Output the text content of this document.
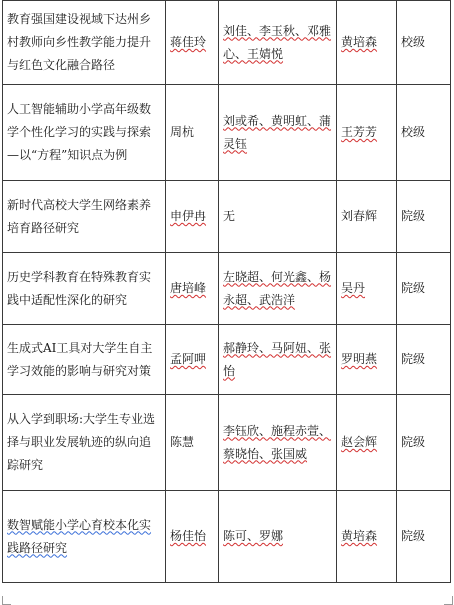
教育强国建设视域下达州乡村教师向乡性教学能力提升与红色文化融合路径	蒋佳玲	刘佳、李玉秋、邓雅心、王婧悦	黄培森	校级
人工智能辅助小学高年级数学个性化学习的实践与探索—以“方程”知识点为例	周杭	刘或希、黄明虹、蒲灵钰	王芳芳	校级
新时代高校大学生网络素养培育路径研究	申伊冉	无	刘春辉	院级
历史学科教育在特殊教育实践中适配性深化的研究	唐培峰	左晓超、何光鑫、杨永超、武浩洋	吴丹	院级
生成式AI工具对大学生自主学习效能的影响与研究对策	孟阿呷	郝静玲、马阿妞、张怡	罗明燕	院级
从入学到职场:大学生专业选择与职业发展轨迹的纵向追踪研究	陈慧	李钰欣、施程赤萱、蔡晓怡、张国威	赵会辉	院级
数智赋能小学心育校本化实践路径研究	杨佳怡	陈可、罗娜	黄培森	院级
